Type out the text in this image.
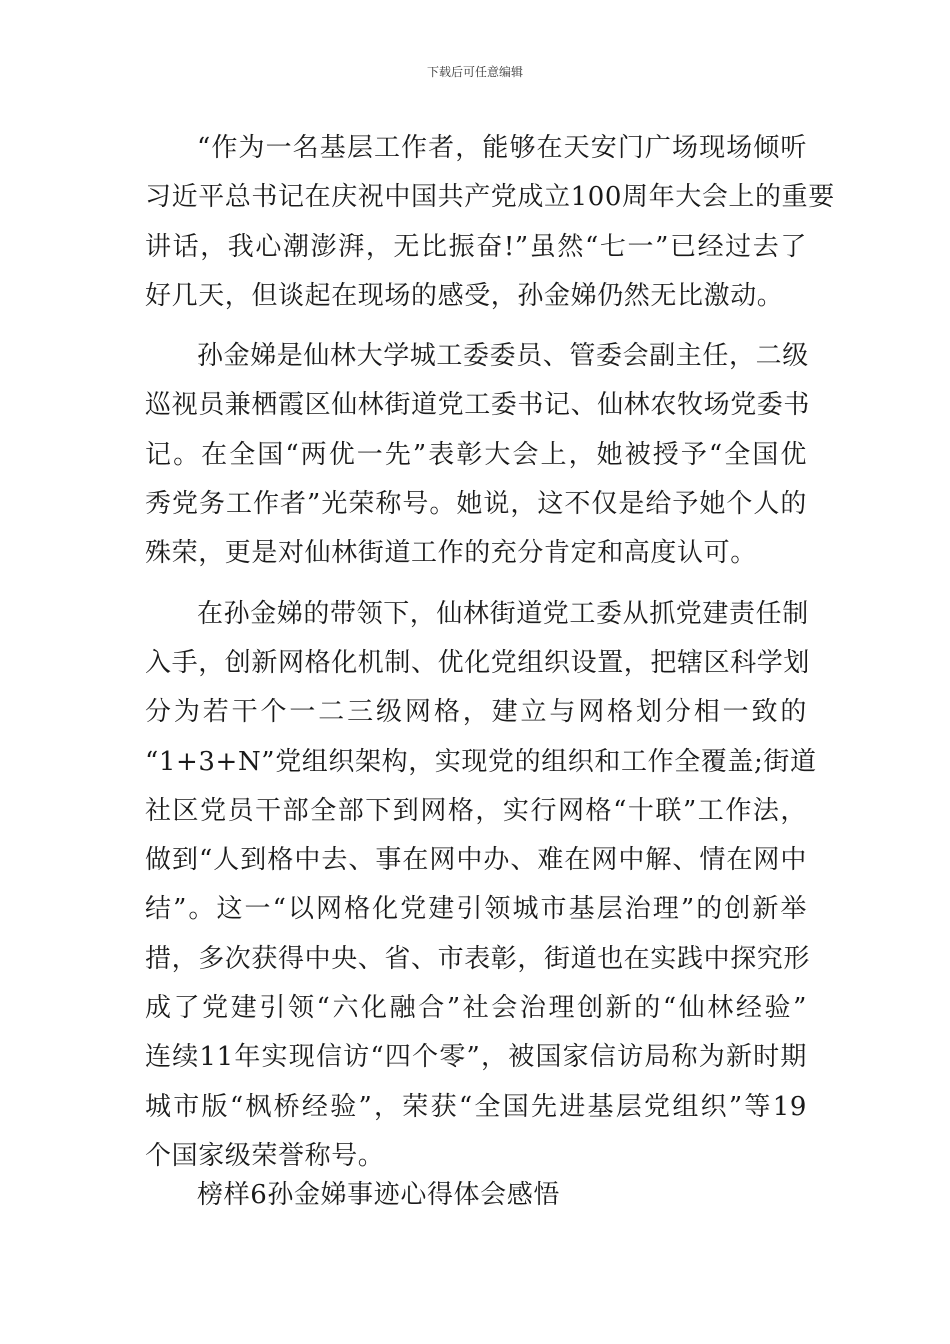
下载后可任意编辑
“作为一名基层工作者，能够在天安门广场现场倾听
习近平总书记在庆祝中国共产党成立100周年大会上的重要
讲话，我心潮澎湃，无比振奋!”虽然“七一”已经过去了
好几天，但谈起在现场的感受，孙金娣仍然无比激动。
孙金娣是仙林大学城工委委员、管委会副主任，二级
巡视员兼栖霞区仙林街道党工委书记、仙林农牧场党委书
记。在全国“两优一先”表彰大会上，她被授予“全国优
秀党务工作者”光荣称号。她说，这不仅是给予她个人的
殊荣，更是对仙林街道工作的充分肯定和高度认可。
在孙金娣的带领下，仙林街道党工委从抓党建责任制
入手，创新网格化机制、优化党组织设置，把辖区科学划
分为若干个一二三级网格，建立与网格划分相一致的
“1+3+N”党组织架构，实现党的组织和工作全覆盖;街道
社区党员干部全部下到网格，实行网格“十联”工作法，
做到“人到格中去、事在网中办、难在网中解、情在网中
结”。这一“以网格化党建引领城市基层治理”的创新举
措，多次获得中央、省、市表彰，街道也在实践中探究形
成了党建引领“六化融合”社会治理创新的“仙林经验”
连续11年实现信访“四个零”，被国家信访局称为新时期
城市版“枫桥经验”，荣获“全国先进基层党组织”等19
个国家级荣誉称号。
榜样6孙金娣事迹心得体会感悟
